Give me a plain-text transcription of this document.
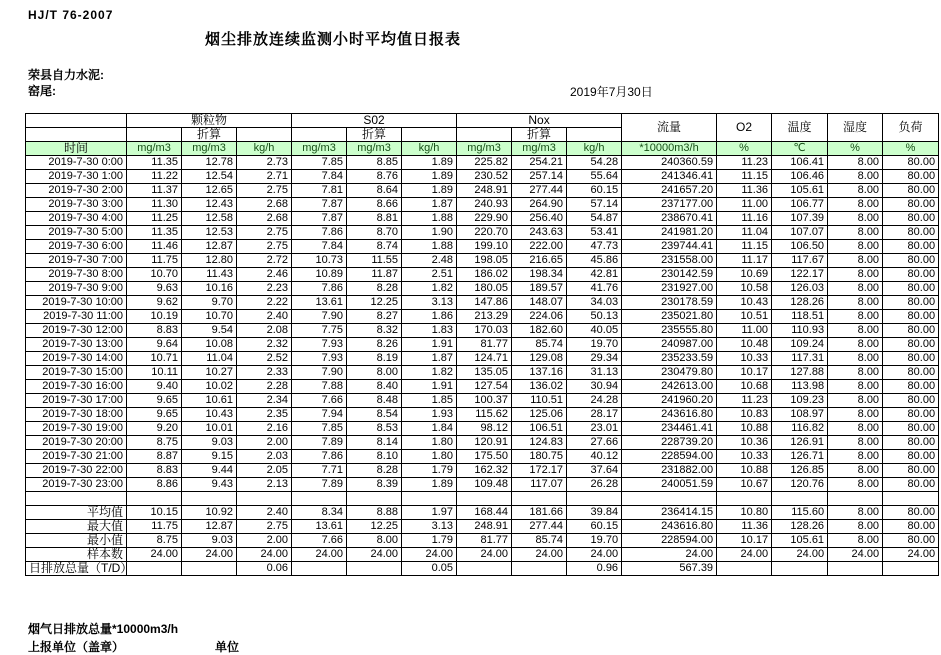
HJ/T 76-2007
烟尘排放连续监测小时平均值日报表
荣县自力水泥:
窑尾:	2019年7月30日
	颗粒物			S02			Nox			流量	O2	温度	湿度	负荷
		折算			折算			折算						
时间	mg/m3	mg/m3	kg/h	mg/m3	mg/m3	kg/h	mg/m3	mg/m3	kg/h	*10000m3/h	%	℃	%	%
2019-7-30 0:00	11.35	12.78	2.73	7.85	8.85	1.89	225.82	254.21	54.28	240360.59	11.23	106.41	8.00	80.00
2019-7-30 1:00	11.22	12.54	2.71	7.84	8.76	1.89	230.52	257.14	55.64	241346.41	11.15	106.46	8.00	80.00
2019-7-30 2:00	11.37	12.65	2.75	7.81	8.64	1.89	248.91	277.44	60.15	241657.20	11.36	105.61	8.00	80.00
2019-7-30 3:00	11.30	12.43	2.68	7.87	8.66	1.87	240.93	264.90	57.14	237177.00	11.00	106.77	8.00	80.00
2019-7-30 4:00	11.25	12.58	2.68	7.87	8.81	1.88	229.90	256.40	54.87	238670.41	11.16	107.39	8.00	80.00
2019-7-30 5:00	11.35	12.53	2.75	7.86	8.70	1.90	220.70	243.63	53.41	241981.20	11.04	107.07	8.00	80.00
2019-7-30 6:00	11.46	12.87	2.75	7.84	8.74	1.88	199.10	222.00	47.73	239744.41	11.15	106.50	8.00	80.00
2019-7-30 7:00	11.75	12.80	2.72	10.73	11.55	2.48	198.05	216.65	45.86	231558.00	11.17	117.67	8.00	80.00
2019-7-30 8:00	10.70	11.43	2.46	10.89	11.87	2.51	186.02	198.34	42.81	230142.59	10.69	122.17	8.00	80.00
2019-7-30 9:00	9.63	10.16	2.23	7.86	8.28	1.82	180.05	189.57	41.76	231927.00	10.58	126.03	8.00	80.00
2019-7-30 10:00	9.62	9.70	2.22	13.61	12.25	3.13	147.86	148.07	34.03	230178.59	10.43	128.26	8.00	80.00
2019-7-30 11:00	10.19	10.70	2.40	7.90	8.27	1.86	213.29	224.06	50.13	235021.80	10.51	118.51	8.00	80.00
2019-7-30 12:00	8.83	9.54	2.08	7.75	8.32	1.83	170.03	182.60	40.05	235555.80	11.00	110.93	8.00	80.00
2019-7-30 13:00	9.64	10.08	2.32	7.93	8.26	1.91	81.77	85.74	19.70	240987.00	10.48	109.24	8.00	80.00
2019-7-30 14:00	10.71	11.04	2.52	7.93	8.19	1.87	124.71	129.08	29.34	235233.59	10.33	117.31	8.00	80.00
2019-7-30 15:00	10.11	10.27	2.33	7.90	8.00	1.82	135.05	137.16	31.13	230479.80	10.17	127.88	8.00	80.00
2019-7-30 16:00	9.40	10.02	2.28	7.88	8.40	1.91	127.54	136.02	30.94	242613.00	10.68	113.98	8.00	80.00
2019-7-30 17:00	9.65	10.61	2.34	7.66	8.48	1.85	100.37	110.51	24.28	241960.20	11.23	109.23	8.00	80.00
2019-7-30 18:00	9.65	10.43	2.35	7.94	8.54	1.93	115.62	125.06	28.17	243616.80	10.83	108.97	8.00	80.00
2019-7-30 19:00	9.20	10.01	2.16	7.85	8.53	1.84	98.12	106.51	23.01	234461.41	10.88	116.82	8.00	80.00
2019-7-30 20:00	8.75	9.03	2.00	7.89	8.14	1.80	120.91	124.83	27.66	228739.20	10.36	126.91	8.00	80.00
2019-7-30 21:00	8.87	9.15	2.03	7.86	8.10	1.80	175.50	180.75	40.12	228594.00	10.33	126.71	8.00	80.00
2019-7-30 22:00	8.83	9.44	2.05	7.71	8.28	1.79	162.32	172.17	37.64	231882.00	10.88	126.85	8.00	80.00
2019-7-30 23:00	8.86	9.43	2.13	7.89	8.39	1.89	109.48	117.07	26.28	240051.59	10.67	120.76	8.00	80.00

平均值	10.15	10.92	2.40	8.34	8.88	1.97	168.44	181.66	39.84	236414.15	10.80	115.60	8.00	80.00
最大值	11.75	12.87	2.75	13.61	12.25	3.13	248.91	277.44	60.15	243616.80	11.36	128.26	8.00	80.00
最小值	8.75	9.03	2.00	7.66	8.00	1.79	81.77	85.74	19.70	228594.00	10.17	105.61	8.00	80.00
样本数	24.00	24.00	24.00	24.00	24.00	24.00	24.00	24.00	24.00	24.00	24.00	24.00	24.00	24.00
日排放总量（T/D）			0.06			0.05			0.96	567.39				
烟气日排放总量*10000m3/h
上报单位（盖章）	单位
